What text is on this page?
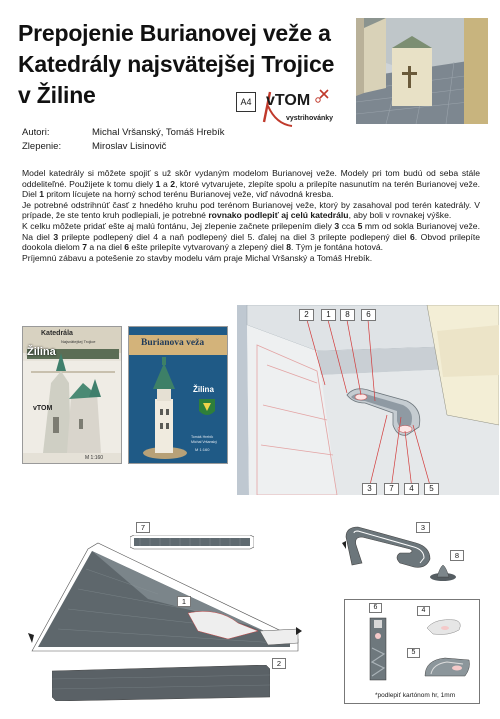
Prepojenie Burianovej veže a
Katedrály najsvätejšej Trojice
v Žiline	A4 vTOM
vystrihovánky
Autori:	Michal Vršanský, Tomáš Hrebík
Zlepenie:	Miroslav Lisinovič

Model katedrály si môžete spojiť s už skôr vydaným modelom Burianovej veže. Modely pri tom budú od seba stále oddeliteľné. Použijete k tomu diely 1 a 2, ktoré vytvarujete, zlepíte spolu a prilepíte nasunutím na terén Burianovej veže. Diel 1 pritom lícujete na horný schod terénu Burianovej veže, viď návodná kresba.

Je potrebné odstrihnúť časť z hnedého kruhu pod terénom Burianovej veže, ktorý by zasahoval pod terén katedrály. V prípade, že ste tento kruh podlepiali, je potrebné rovnako podlepiť aj celú katedrálu, aby boli v rovnakej výške.

K celku môžete pridať ešte aj malú fontánu, Jej zlepenie začnete prilepením diely 3 cca 5 mm od sokla Burianovej veže. Na diel 3 prilepte podlepený diel 4 a naň podlepený diel 5. ďalej na diel 3 prilepte podlepený diel 6. Obvod prilepíte dookola dielom 7 a na diel 6 ešte prilepíte vytvarovaný a zlepený diel 8. Tým je fontána hotová.

Príjemnú zábavu a potešenie zo stavby modelu vám praje Michal Vršanský a Tomáš Hrebík.

Katedrála
Najsvätejšej Trojice
Žilina
vTOM
M 1:160
Burianova veža
Žilina
Tomáš Hrebík
Michal Vršanský
M 1:160
2	1	8	6
3	7	4	5
7
1
2
3
8
6	4
5
*podlepiť kartónom hr, 1mm
